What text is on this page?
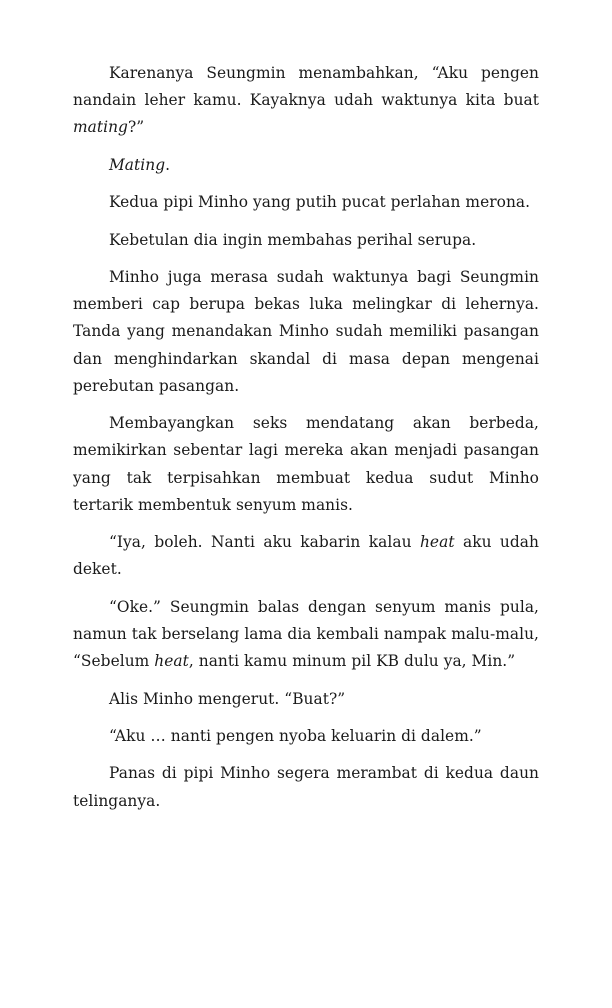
Karenanya Seungmin menambahkan, “Aku pengen nandain leher kamu. Kayaknya udah waktunya kita buat mating?”

Mating.

Kedua pipi Minho yang putih pucat perlahan merona.

Kebetulan dia ingin membahas perihal serupa.

Minho juga merasa sudah waktunya bagi Seungmin memberi cap berupa bekas luka melingkar di lehernya. Tanda yang menandakan Minho sudah memiliki pasangan dan menghindarkan skandal di masa depan mengenai perebutan pasangan.

Membayangkan seks mendatang akan berbeda, memikirkan sebentar lagi mereka akan menjadi pasangan yang tak terpisahkan membuat kedua sudut Minho tertarik membentuk senyum manis.

“Iya, boleh. Nanti aku kabarin kalau heat aku udah deket.

“Oke.” Seungmin balas dengan senyum manis pula, namun tak berselang lama dia kembali nampak malu-malu, “Sebelum heat, nanti kamu minum pil KB dulu ya, Min.”

Alis Minho mengerut. “Buat?”

“Aku … nanti pengen nyoba keluarin di dalem.”

Panas di pipi Minho segera merambat di kedua daun telinganya.
